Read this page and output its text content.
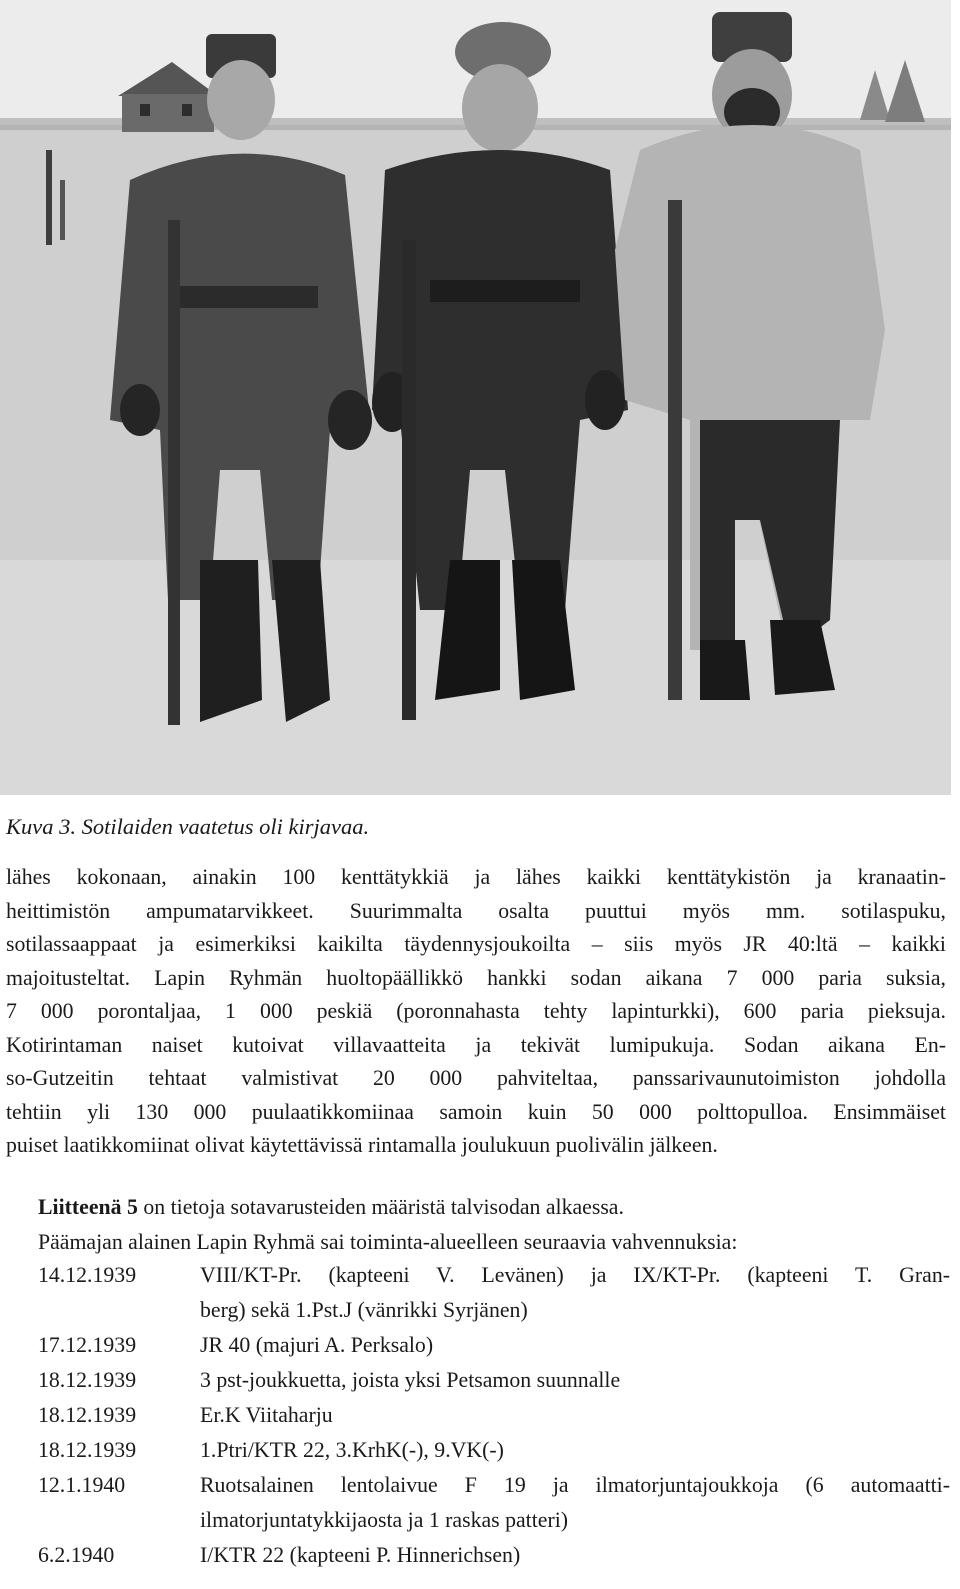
Kuva 3. Sotilaiden vaatetus oli kirjavaa.
lähes kokonaan, ainakin 100 kenttätykkiä ja lähes kaikki kenttätykistön ja kranaatin-
heittimistön ampumatarvikkeet. Suurimmalta osalta puuttui myös mm. sotilaspuku,
sotilassaappaat ja esimerkiksi kaikilta täydennysjoukoilta – siis myös JR 40:ltä – kaikki
majoitusteltat. Lapin Ryhmän huoltopäällikkö hankki sodan aikana 7 000 paria suksia,
7 000 porontaljaa, 1 000 peskiä (poronnahasta tehty lapinturkki), 600 paria pieksuja.
Kotirintaman naiset kutoivat villavaatteita ja tekivät lumipukuja. Sodan aikana En-
so-Gutzeitin tehtaat valmistivat 20 000 pahviteltaa, panssarivaunutoimiston johdolla
tehtiin yli 130 000 puulaatikkomiinaa samoin kuin 50 000 polttopulloa. Ensimmäiset
puiset laatikkomiinat olivat käytettävissä rintamalla joulukuun puolivälin jälkeen.
Liitteenä 5 on tietoja sotavarusteiden määristä talvisodan alkaessa.
Päämajan alainen Lapin Ryhmä sai toiminta-alueelleen seuraavia vahvennuksia:
14.12.1939	VIII/KT-Pr. (kapteeni V. Levänen) ja IX/KT-Pr. (kapteeni T. Gran-
berg) sekä 1.Pst.J (vänrikki Syrjänen)
17.12.1939	JR 40 (majuri A. Perksalo)
18.12.1939	3 pst-joukkuetta, joista yksi Petsamon suunnalle
18.12.1939	Er.K Viitaharju
18.12.1939	1.Ptri/KTR 22, 3.KrhK(-), 9.VK(-)
12.1.1940	Ruotsalainen lentolaivue F 19 ja ilmatorjuntajoukkoja (6 automaatti-
ilmatorjuntatykkijaosta ja 1 raskas patteri)
6.2.1940	I/KTR 22 (kapteeni P. Hinnerichsen)
